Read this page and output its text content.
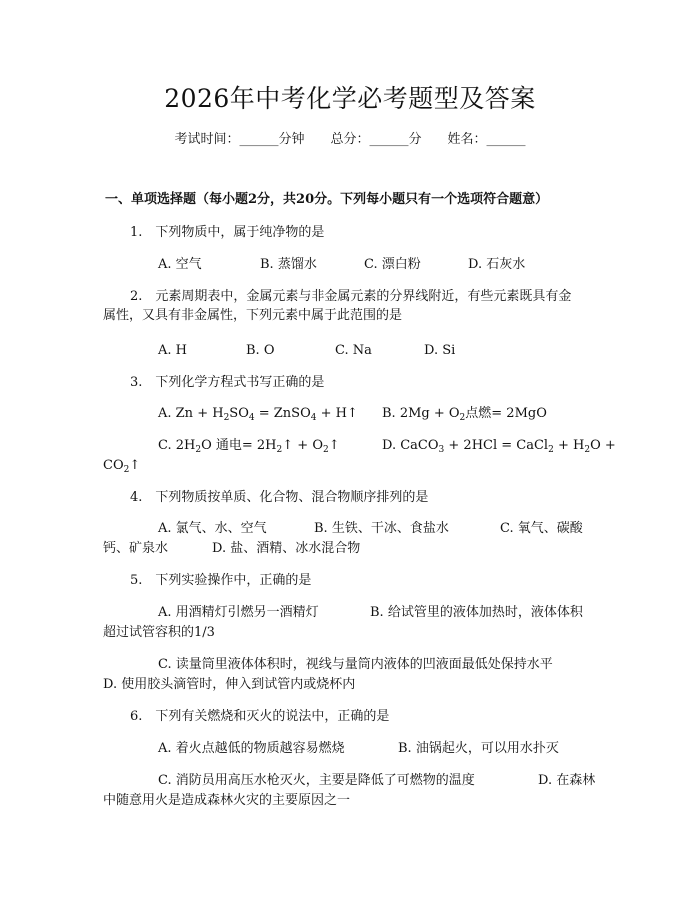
2026年中考化学必考题型及答案
考试时间：______分钟 总分：______分 姓名：______
一、单项选择题（每小题2分，共20分。下列每小题只有一个选项符合题意）
1.　下列物质中，属于纯净物的是
A. 空气	B. 蒸馏水	C. 漂白粉	D. 石灰水
2.　元素周期表中，金属元素与非金属元素的分界线附近，有些元素既具有金
属性，又具有非金属性，下列元素中属于此范围的是
A. H	B. O	C. Na	D. Si
3.　下列化学方程式书写正确的是
A. $Zn + H_2SO_4$ = ZnSO$_4$ + H↑ B. $2Mg + O_2$点燃= 2MgO
C. $2H_2O$ 通电= $2H_2↑$ + $O_2↑$	D. CaCO$_3$ + 2HCl = CaCl$_2$ + $H_2O$ +
$CO_2↑$
4.　下列物质按单质、化合物、混合物顺序排列的是
A. 氯气、水、空气	B. 生铁、干冰、食盐水	C. 氧气、碳酸
钙、矿泉水	D. 盐、酒精、冰水混合物
5.　下列实验操作中，正确的是
A. 用酒精灯引燃另一酒精灯	B. 给试管里的液体加热时，液体体积
超过试管容积的1/3
C. 读量筒里液体体积时，视线与量筒内液体的凹液面最低处保持水平
D. 使用胶头滴管时，伸入到试管内或烧杯内
6.　下列有关燃烧和灭火的说法中，正确的是
A. 着火点越低的物质越容易燃烧	B. 油锅起火，可以用水扑灭
C. 消防员用高压水枪灭火，主要是降低了可燃物的温度	D. 在森林
中随意用火是造成森林火灾的主要原因之一
